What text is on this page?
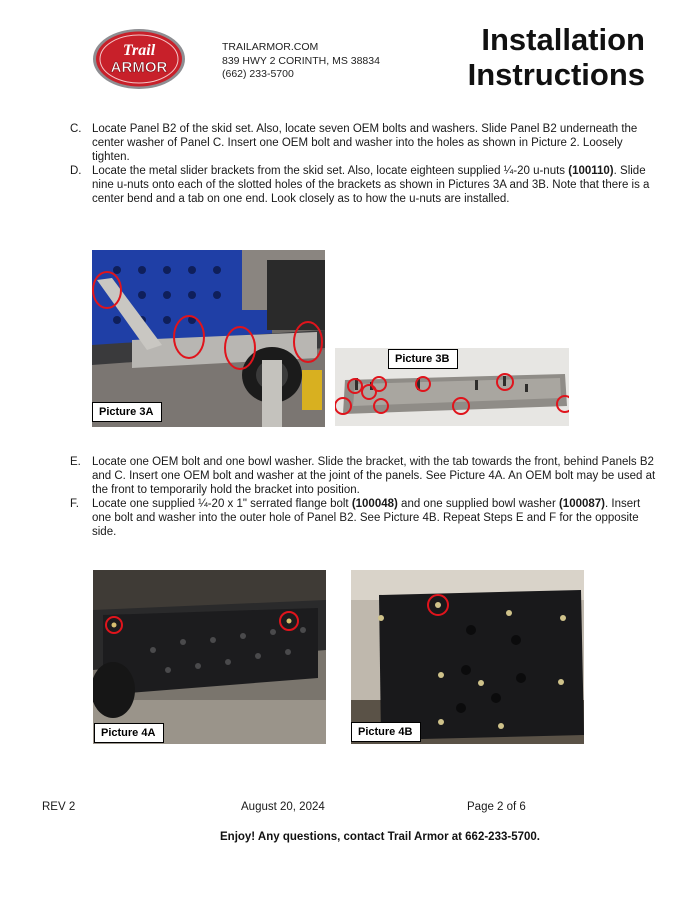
Trail
ARMOR
TRAILARMOR.COM
839 HWY 2 CORINTH, MS 38834
(662) 233-5700
Installation
Instructions
C. Locate Panel B2 of the skid set. Also, locate seven OEM bolts and washers. Slide Panel B2 underneath the center washer of Panel C. Insert one OEM bolt and washer into the holes as shown in Picture 2. Loosely tighten.
D. Locate the metal slider brackets from the skid set. Also, locate eighteen supplied ¼-20 u-nuts (100110). Slide nine u-nuts onto each of the slotted holes of the brackets as shown in Pictures 3A and 3B. Note that there is a center bend and a tab on one end. Look closely as to how the u-nuts are installed.
Picture 3A
Picture 3B
E. Locate one OEM bolt and one bowl washer. Slide the bracket, with the tab towards the front, behind Panels B2 and C. Insert one OEM bolt and washer at the joint of the panels. See Picture 4A. An OEM bolt may be used at the front to temporarily hold the bracket into position.
F.	Locate one supplied ¼-20 x 1" serrated flange bolt (100048) and one supplied bowl washer (100087). Insert one bolt and washer into the outer hole of Panel B2. See Picture 4B. Repeat Steps E and F for the opposite side.
Picture 4A	Picture 4B
REV 2	August 20, 2024	Page 2 of 6
Enjoy! Any questions, contact Trail Armor at 662-233-5700.
